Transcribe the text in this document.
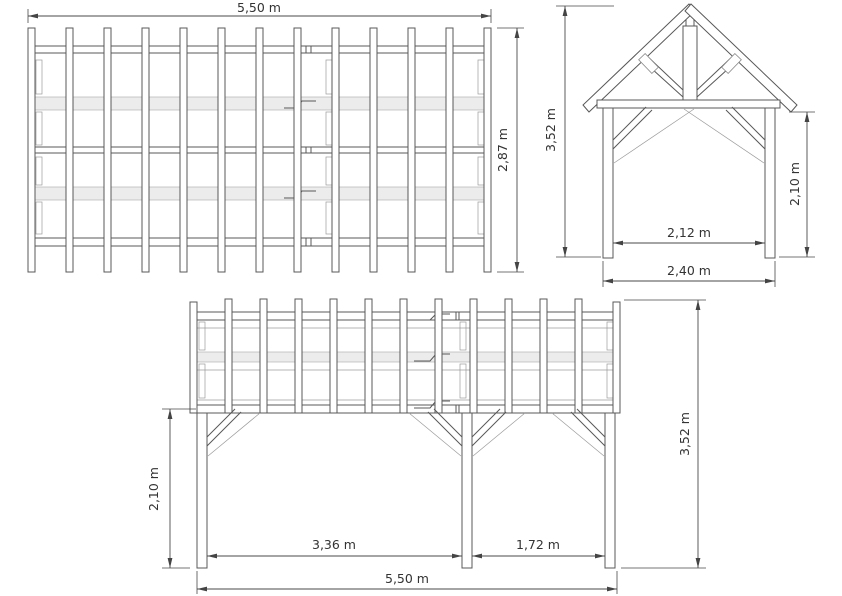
5,50 m
2,87 m	3,52 m
2,10 m
2,12 m
2,40 m
2,10 m
3,36 m	1,72 m
5,50 m
3,52 m
